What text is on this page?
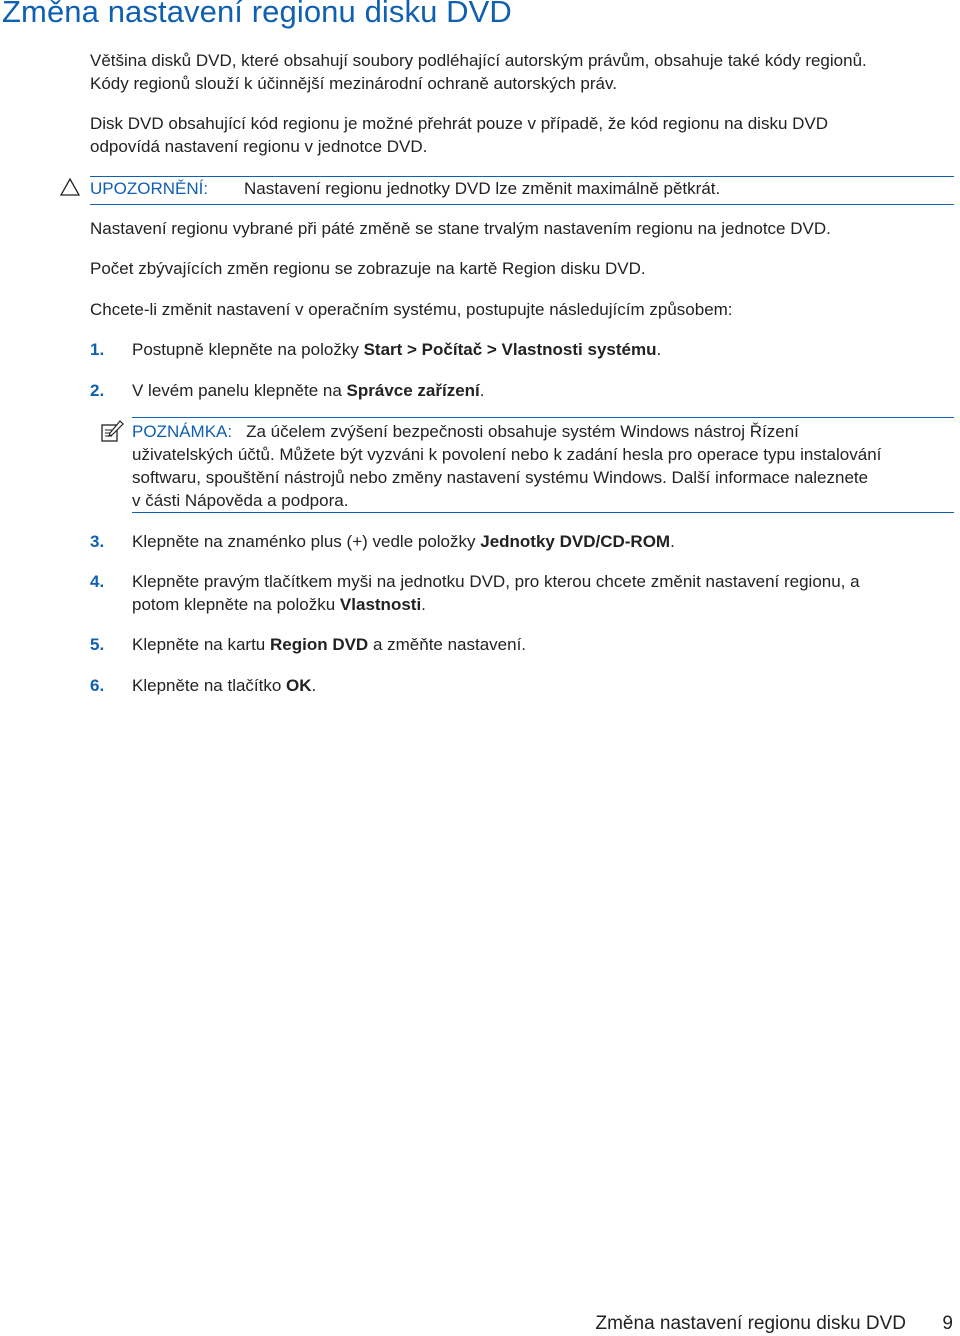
Změna nastavení regionu disku DVD
Většina disků DVD, které obsahují soubory podléhající autorským právům, obsahuje také kódy regionů.
Kódy regionů slouží k účinnější mezinárodní ochraně autorských práv.
Disk DVD obsahující kód regionu je možné přehrát pouze v případě, že kód regionu na disku DVD
odpovídá nastavení regionu v jednotce DVD.
UPOZORNĚNÍ: Nastavení regionu jednotky DVD lze změnit maximálně pětkrát.
Nastavení regionu vybrané při páté změně se stane trvalým nastavením regionu na jednotce DVD.
Počet zbývajících změn regionu se zobrazuje na kartě Region disku DVD.
Chcete-li změnit nastavení v operačním systému, postupujte následujícím způsobem:
1. Postupně klepněte na položky Start > Počítač > Vlastnosti systému.
2. V levém panelu klepněte na Správce zařízení.
POZNÁMKA: Za účelem zvýšení bezpečnosti obsahuje systém Windows nástroj Řízení
uživatelských účtů. Můžete být vyzváni k povolení nebo k zadání hesla pro operace typu instalování
softwaru, spouštění nástrojů nebo změny nastavení systému Windows. Další informace naleznete
v části Nápověda a podpora.
3. Klepněte na znaménko plus (+) vedle položky Jednotky DVD/CD-ROM.
4. Klepněte pravým tlačítkem myši na jednotku DVD, pro kterou chcete změnit nastavení regionu, a
potom klepněte na položku Vlastnosti.
5. Klepněte na kartu Region DVD a změňte nastavení.
6. Klepněte na tlačítko OK.
Změna nastavení regionu disku DVD 9
